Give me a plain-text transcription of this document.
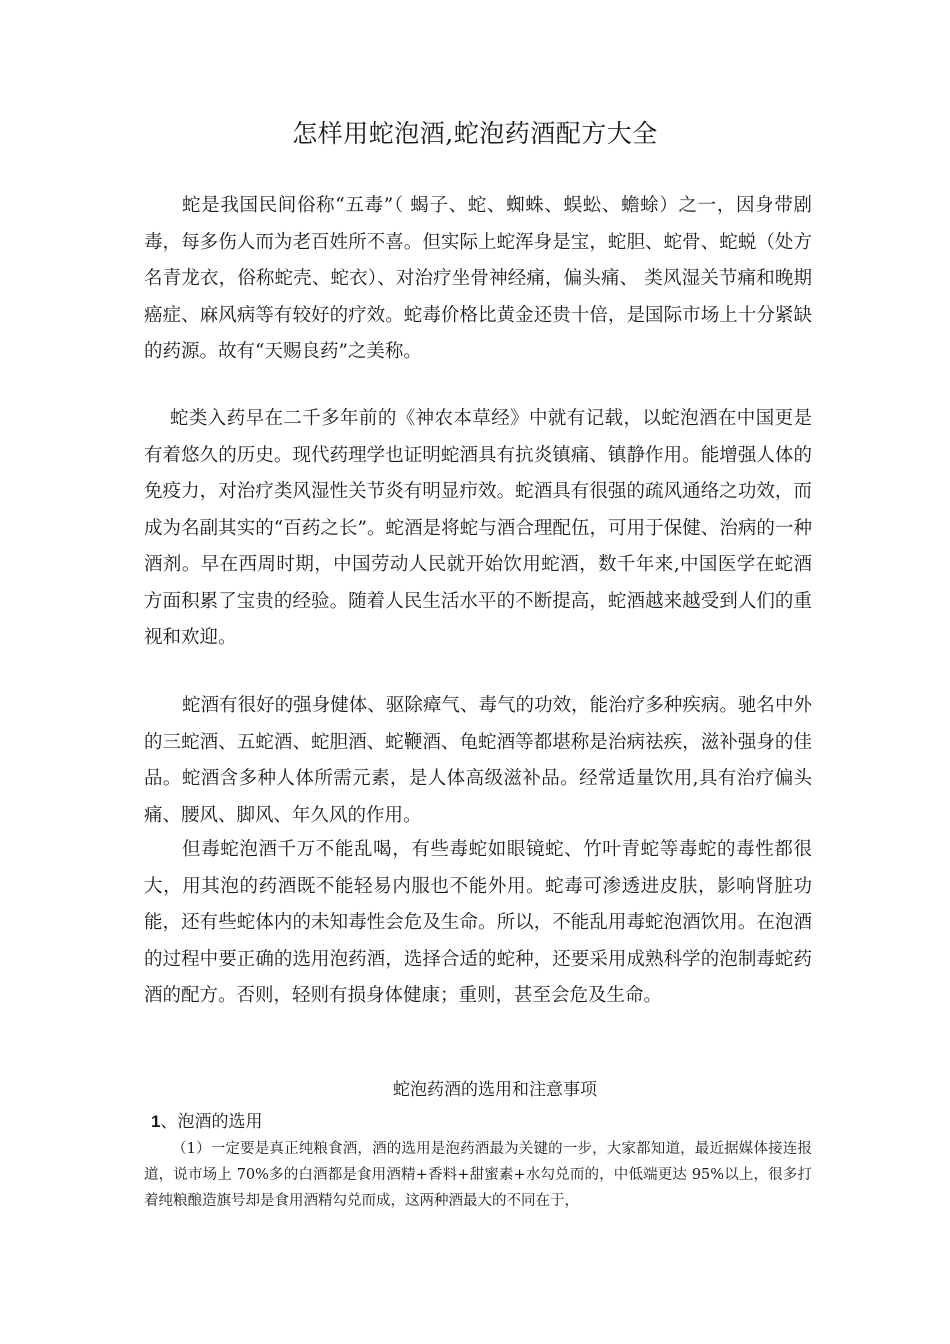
怎样用蛇泡酒,蛇泡药酒配方大全

蛇是我国民间俗称“五毒”（ 蝎子、蛇、蜘蛛、蜈蚣、蟾蜍）之一，因身带剧毒，每多伤人而为老百姓所不喜。但实际上蛇浑身是宝，蛇胆、蛇骨、蛇蜕（处方名青龙衣，俗称蛇壳、蛇衣）、对治疗坐骨神经痛，偏头痛、 类风湿关节痛和晚期癌症、麻风病等有较好的疗效。蛇毒价格比黄金还贵十倍，是国际市场上十分紧缺的药源。故有“天赐良药”之美称。

蛇类入药早在二千多年前的《神农本草经》中就有记载，以蛇泡酒在中国更是有着悠久的历史。现代药理学也证明蛇酒具有抗炎镇痛、镇静作用。能增强人体的免疫力，对治疗类风湿性关节炎有明显疖效。蛇酒具有很强的疏风通络之功效，而成为名副其实的“百药之长”。蛇酒是将蛇与酒合理配伍，可用于保健、治病的一种酒剂。早在西周时期，中国劳动人民就开始饮用蛇酒，数千年来,中国医学在蛇酒方面积累了宝贵的经验。随着人民生活水平的不断提高，蛇酒越来越受到人们的重视和欢迎。

蛇酒有很好的强身健体、驱除瘴气、毒气的功效，能治疗多种疾病。驰名中外的三蛇酒、五蛇酒、蛇胆酒、蛇鞭酒、龟蛇酒等都堪称是治病祛疾，滋补强身的佳品。蛇酒含多种人体所需元素，是人体高级滋补品。经常适量饮用,具有治疗偏头痛、腰风、脚风、年久风的作用。

但毒蛇泡酒千万不能乱喝，有些毒蛇如眼镜蛇、竹叶青蛇等毒蛇的毒性都很大，用其泡的药酒既不能轻易内服也不能外用。蛇毒可渗透进皮肤，影响肾脏功能，还有些蛇体内的未知毒性会危及生命。所以，不能乱用毒蛇泡酒饮用。在泡酒的过程中要正确的选用泡药酒，选择合适的蛇种，还要采用成熟科学的泡制毒蛇药酒的配方。否则，轻则有损身体健康；重则，甚至会危及生命。

蛇泡药酒的选用和注意事项
1、泡酒的选用

（1）一定要是真正纯粮食酒，酒的选用是泡药酒最为关键的一步，大家都知道，最近据媒体接连报道，说市场上 70%多的白酒都是食用酒精+香料+甜蜜素+水勾兑而的，中低端更达 95%以上，很多打着纯粮酿造旗号却是食用酒精勾兑而成，这两种酒最大的不同在于，
